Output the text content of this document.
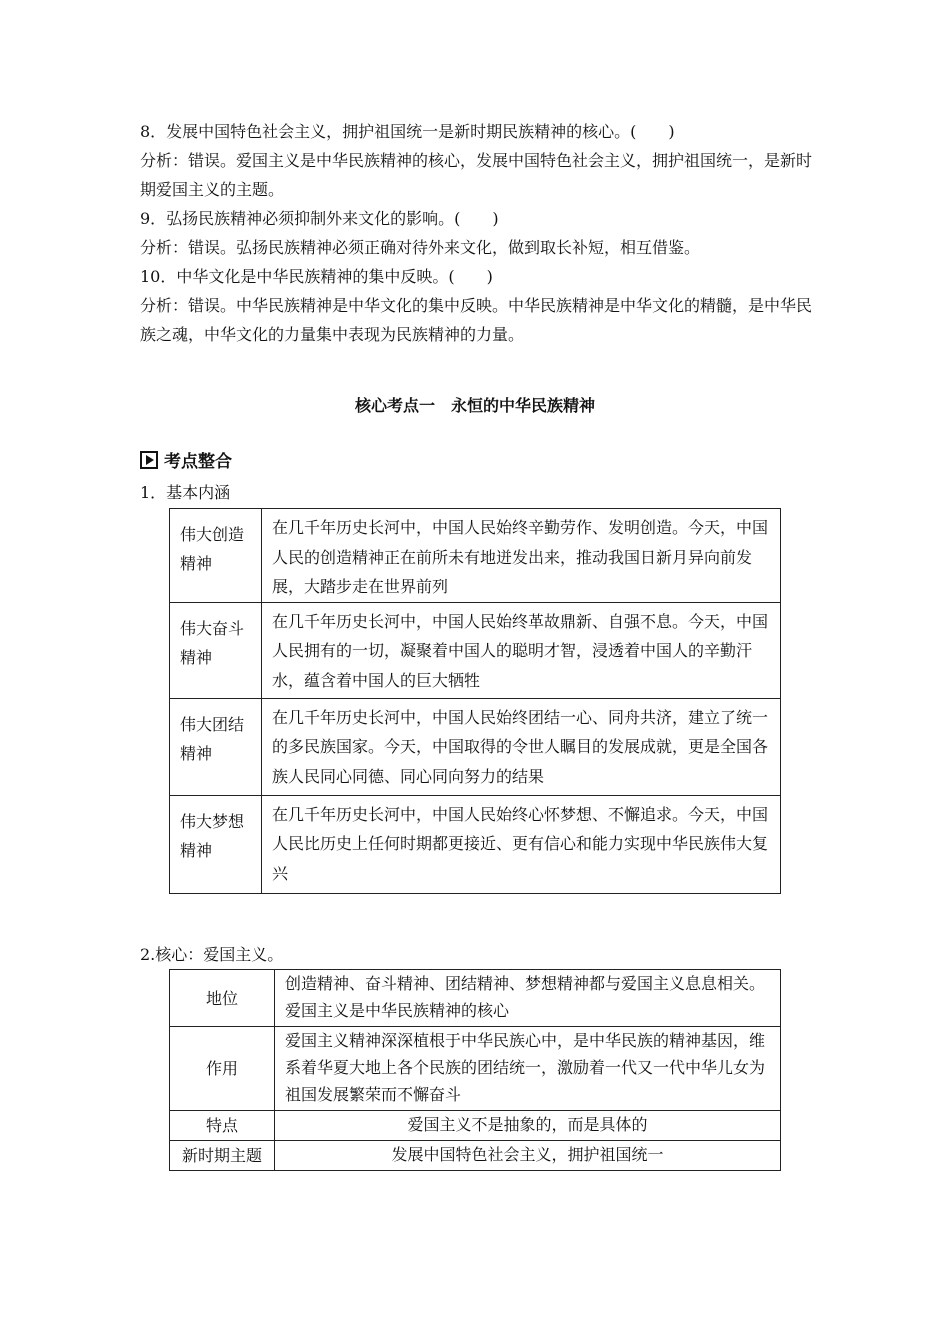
8．发展中国特色社会主义，拥护祖国统一是新时期民族精神的核心。(　　)

分析：错误。爱国主义是中华民族精神的核心，发展中国特色社会主义，拥护祖国统一，是新时期爱国主义的主题。

9．弘扬民族精神必须抑制外来文化的影响。(　　)

分析：错误。弘扬民族精神必须正确对待外来文化，做到取长补短，相互借鉴。

10．中华文化是中华民族精神的集中反映。(　　)

分析：错误。中华民族精神是中华文化的集中反映。中华民族精神是中华文化的精髓，是中华民族之魂，中华文化的力量集中表现为民族精神的力量。

核心考点一　永恒的中华民族精神
考点整合
1．基本内涵
伟大创造精神	在几千年历史长河中，中国人民始终辛勤劳作、发明创造。今天，中国人民的创造精神正在前所未有地迸发出来，推动我国日新月异向前发展，大踏步走在世界前列
伟大奋斗精神	在几千年历史长河中，中国人民始终革故鼎新、自强不息。今天，中国人民拥有的一切，凝聚着中国人的聪明才智，浸透着中国人的辛勤汗水，蕴含着中国人的巨大牺牲
伟大团结精神	在几千年历史长河中，中国人民始终团结一心、同舟共济，建立了统一的多民族国家。今天，中国取得的令世人瞩目的发展成就，更是全国各族人民同心同德、同心同向努力的结果
伟大梦想精神	在几千年历史长河中，中国人民始终心怀梦想、不懈追求。今天，中国人民比历史上任何时期都更接近、更有信心和能力实现中华民族伟大复兴
2.核心：爱国主义。
地位	创造精神、奋斗精神、团结精神、梦想精神都与爱国主义息息相关。爱国主义是中华民族精神的核心
作用	爱国主义精神深深植根于中华民族心中，是中华民族的精神基因，维系着华夏大地上各个民族的团结统一，激励着一代又一代中华儿女为祖国发展繁荣而不懈奋斗
特点	爱国主义不是抽象的，而是具体的
新时期主题	发展中国特色社会主义，拥护祖国统一
